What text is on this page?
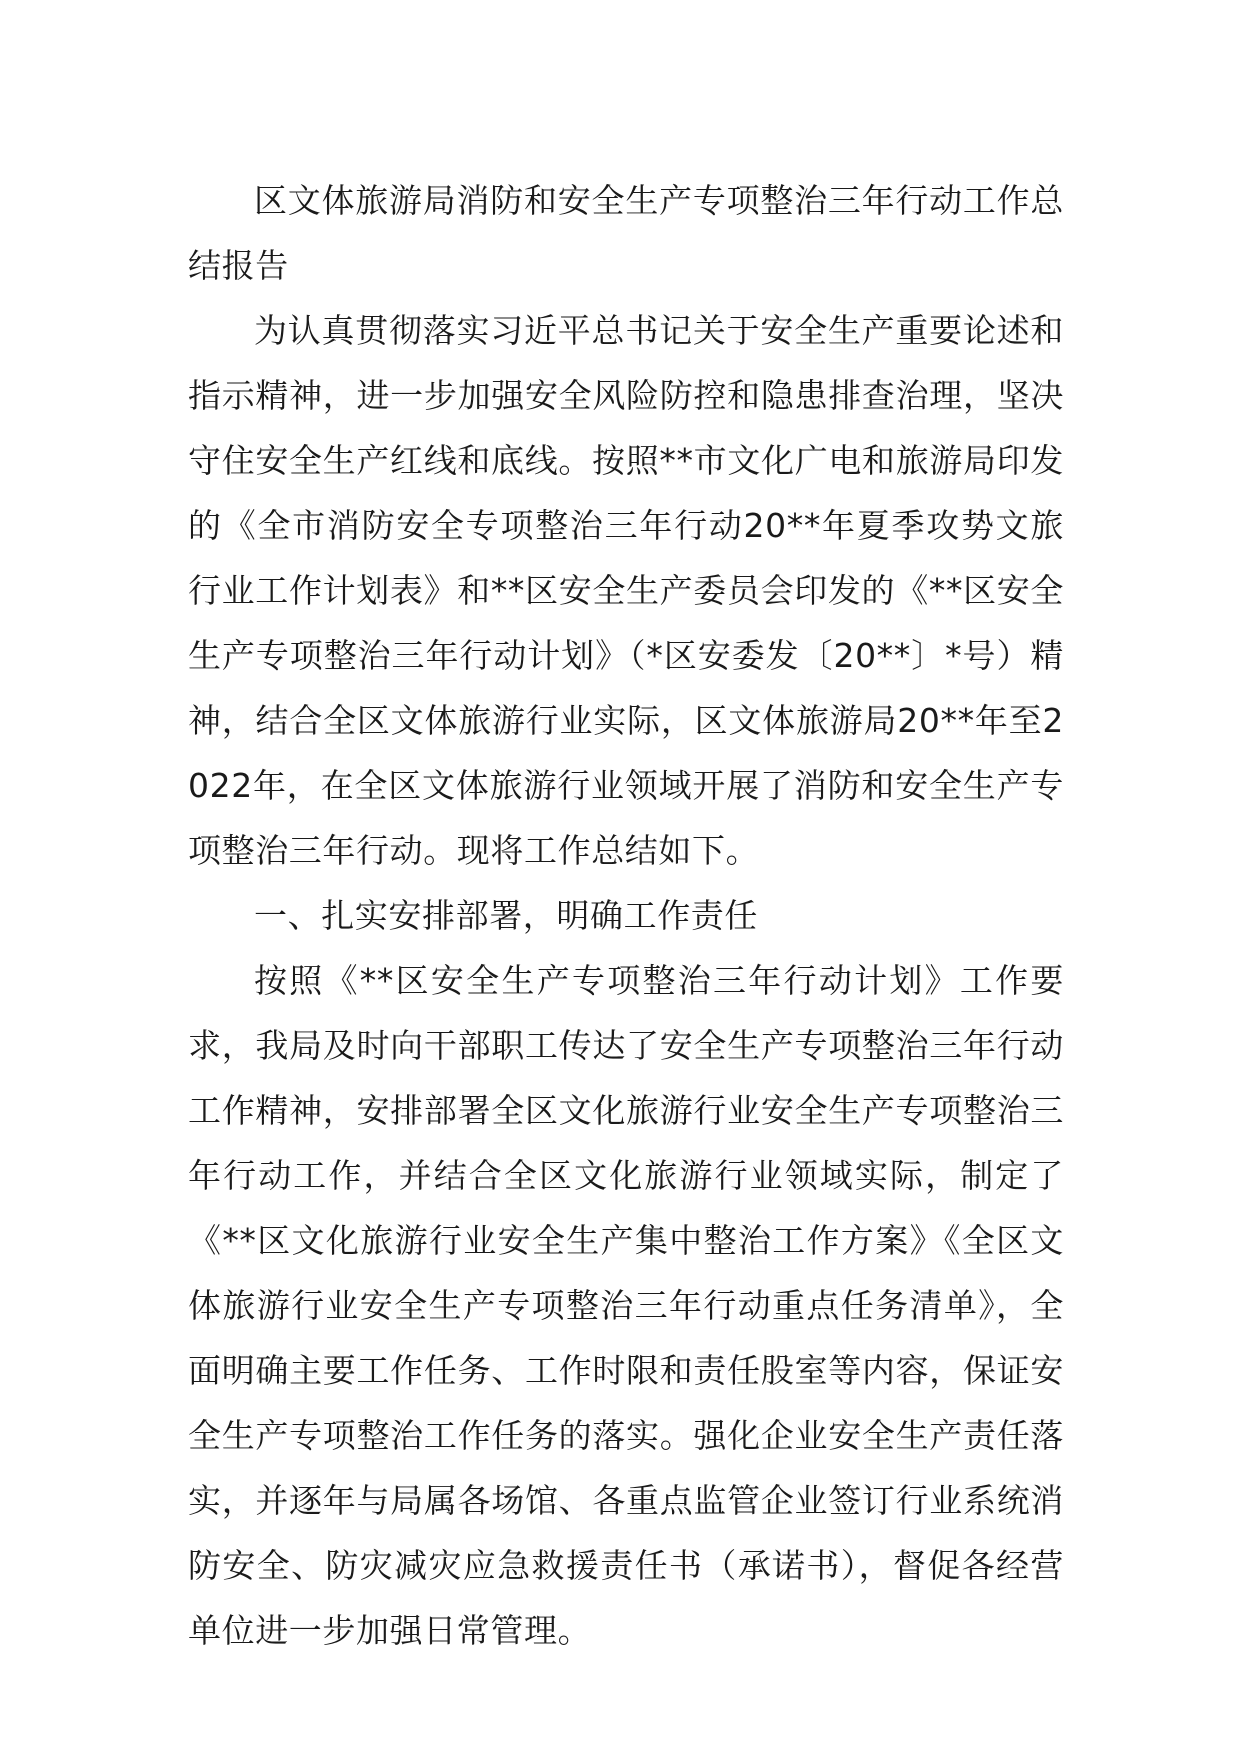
区文体旅游局消防和安全生产专项整治三年行动工作总结报告

为认真贯彻落实习近平总书记关于安全生产重要论述和指示精神，进一步加强安全风险防控和隐患排查治理，坚决守住安全生产红线和底线。按照**市文化广电和旅游局印发的《全市消防安全专项整治三年行动20**年夏季攻势文旅行业工作计划表》和**区安全生产委员会印发的《**区安全生产专项整治三年行动计划》（*区安委发〔20**〕*号）精神，结合全区文体旅游行业实际，区文体旅游局20**年至2022年，在全区文体旅游行业领域开展了消防和安全生产专项整治三年行动。现将工作总结如下。

一、扎实安排部署，明确工作责任

按照《**区安全生产专项整治三年行动计划》工作要求，我局及时向干部职工传达了安全生产专项整治三年行动工作精神，安排部署全区文化旅游行业安全生产专项整治三年行动工作，并结合全区文化旅游行业领域实际，制定了《**区文化旅游行业安全生产集中整治工作方案》《全区文体旅游行业安全生产专项整治三年行动重点任务清单》，全面明确主要工作任务、工作时限和责任股室等内容，保证安全生产专项整治工作任务的落实。强化企业安全生产责任落实，并逐年与局属各场馆、各重点监管企业签订行业系统消防安全、防灾减灾应急救援责任书（承诺书），督促各经营单位进一步加强日常管理。
